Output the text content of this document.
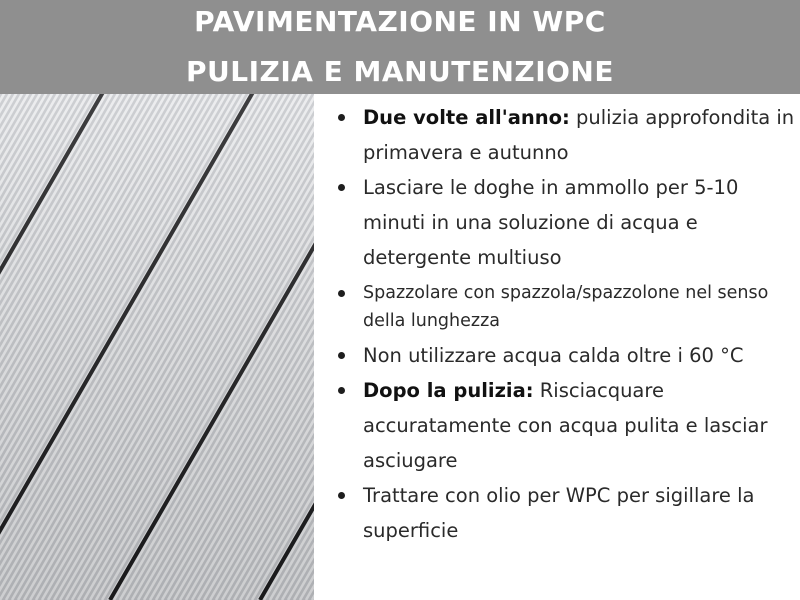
PAVIMENTAZIONE IN WPC
PULIZIA E MANUTENZIONE
Due volte all'anno: pulizia approfondita in primavera e autunno
Lasciare le doghe in ammollo per 5-10 minuti in una soluzione di acqua e detergente multiuso
Spazzolare con spazzola/spazzolone nel senso della lunghezza
Non utilizzare acqua calda oltre i 60 °C
Dopo la pulizia: Risciacquare accuratamente con acqua pulita e lasciar asciugare
Trattare con olio per WPC per sigillare la superficie
